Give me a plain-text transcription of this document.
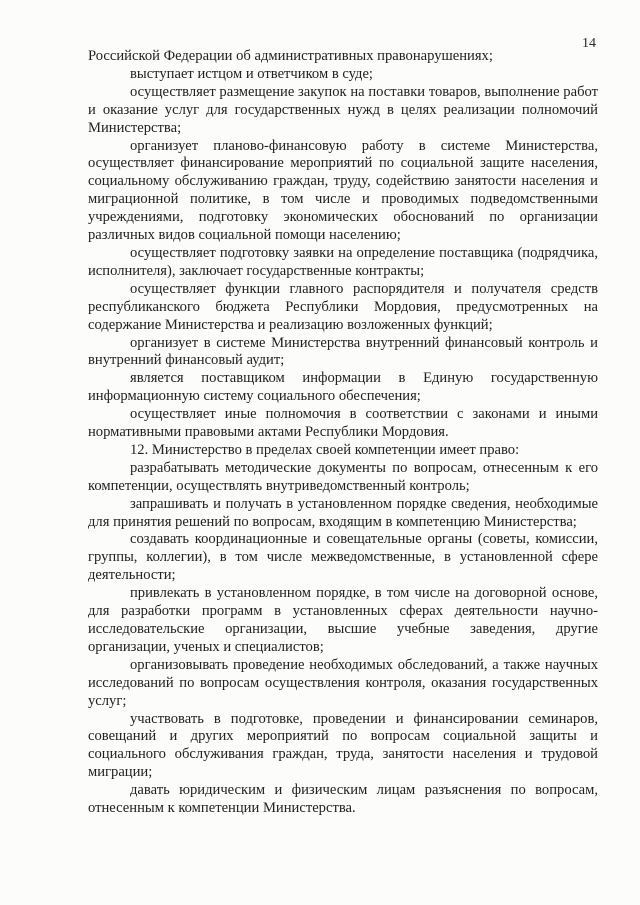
14

Российской Федерации об административных правонарушениях;

выступает истцом и ответчиком в суде;

осуществляет размещение закупок на поставки товаров, выполнение работ и оказание услуг для государственных нужд в целях реализации полномочий Министерства;

организует планово-финансовую работу в системе Министерства, осуществляет финансирование мероприятий по социальной защите населения, социальному обслуживанию граждан, труду, содействию занятости населения и миграционной политике, в том числе и проводимых подведомственными учреждениями, подготовку экономических обоснований по организации различных видов социальной помощи населению;

осуществляет подготовку заявки на определение поставщика (подрядчика, исполнителя), заключает государственные контракты;

осуществляет функции главного распорядителя и получателя средств республиканского бюджета Республики Мордовия, предусмотренных на содержание Министерства и реализацию возложенных функций;

организует в системе Министерства внутренний финансовый контроль и внутренний финансовый аудит;

является поставщиком информации в Единую государственную информационную систему социального обеспечения;

осуществляет иные полномочия в соответствии с законами и иными нормативными правовыми актами Республики Мордовия.

12. Министерство в пределах своей компетенции имеет право:

разрабатывать методические документы по вопросам, отнесенным к его компетенции, осуществлять внутриведомственный контроль;

запрашивать и получать в установленном порядке сведения, необходимые для принятия решений по вопросам, входящим в компетенцию Министерства;

создавать координационные и совещательные органы (советы, комиссии, группы, коллегии), в том числе межведомственные, в установленной сфере деятельности;

привлекать в установленном порядке, в том числе на договорной основе, для разработки программ в установленных сферах деятельности научно-исследовательские организации, высшие учебные заведения, другие организации, ученых и специалистов;

организовывать проведение необходимых обследований, а также научных исследований по вопросам осуществления контроля, оказания государственных услуг;

участвовать в подготовке, проведении и финансировании семинаров, совещаний и других мероприятий по вопросам социальной защиты и социального обслуживания граждан, труда, занятости населения и трудовой миграции;

давать юридическим и физическим лицам разъяснения по вопросам, отнесенным к компетенции Министерства.
